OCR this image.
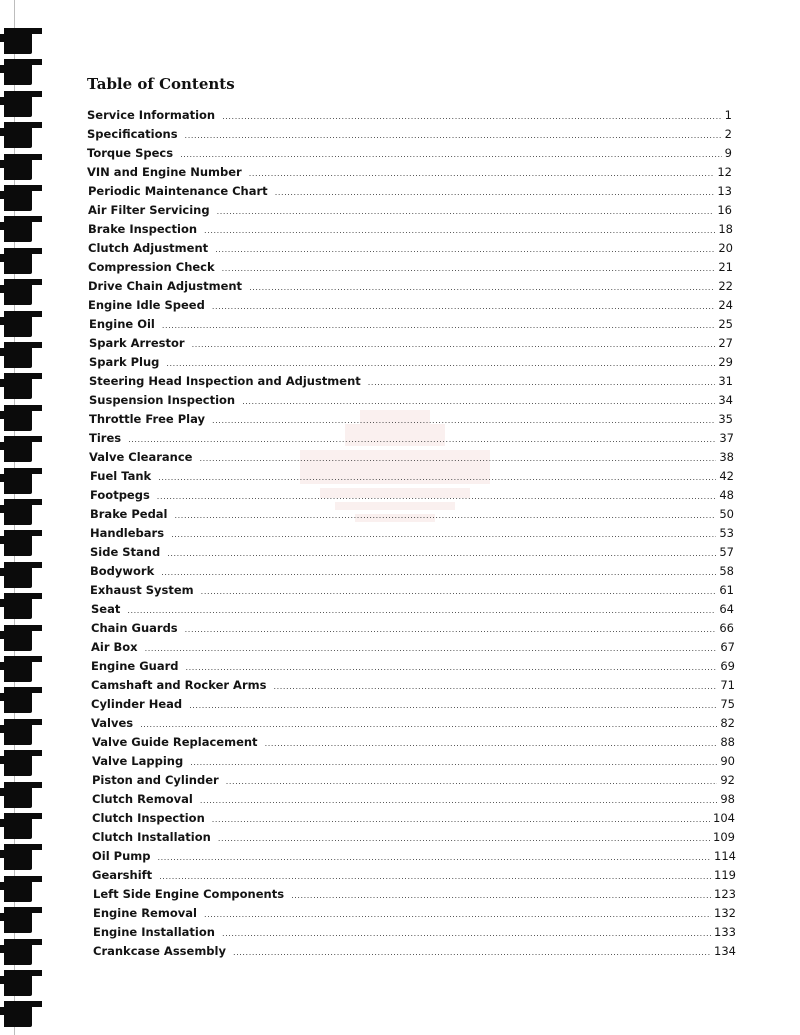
Table of Contents
Service Information .....	1
Specifications .....	2
Torque Specs .....	9
VIN and Engine Number .....	12
Periodic Maintenance Chart .....	13
Air Filter Servicing .....	16
Brake Inspection .....	18
Clutch Adjustment .....	20
Compression Check .....	21
Drive Chain Adjustment .....	22
Engine Idle Speed .....	24
Engine Oil .....	25
Spark Arrestor .....	27
Spark Plug .....	29
Steering Head Inspection and Adjustment .....	31
Suspension Inspection .....	34
Throttle Free Play .....	35
Tires .....	37
Valve Clearance .....	38
Fuel Tank .....	42
Footpegs .....	48
Brake Pedal .....	50
Handlebars .....	53
Side Stand .....	57
Bodywork .....	58
Exhaust System .....	61
Seat .....	64
Chain Guards .....	66
Air Box .....	67
Engine Guard .....	69
Camshaft and Rocker Arms .....	71
Cylinder Head .....	75
Valves .....	82
Valve Guide Replacement .....	88
Valve Lapping .....	90
Piston and Cylinder .....	92
Clutch Removal .....	98
Clutch Inspection .....	104
Clutch Installation .....	109
Oil Pump .....	114
Gearshift .....	119
Left Side Engine Components .....	123
Engine Removal .....	132
Engine Installation .....	133
Crankcase Assembly .....	134
